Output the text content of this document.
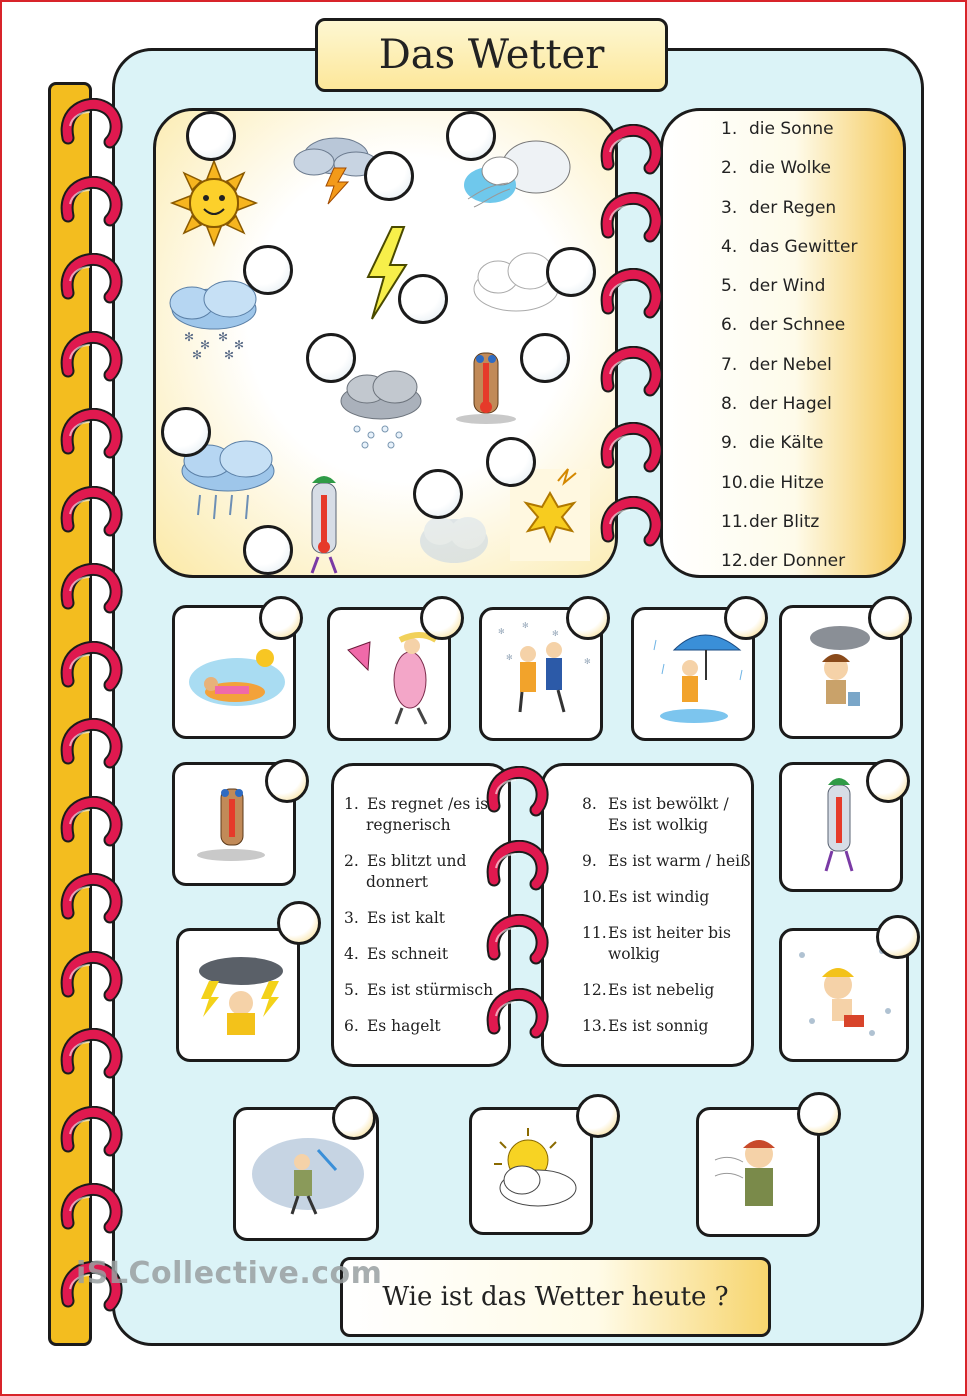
Das Wetter
✻
✻
✻
✻
✻ ✻
1. die Sonne
2. die Wolke
3. der Regen
4. das Gewitter
5. der Wind
6. der Schnee
7. der Nebel
8. der Hagel
9. die Kälte
10.die Hitze
11.der Blitz
12.der Donner
✻
✻
✻
✻	✻
1. Es regnet /es ist
regnerisch
2. Es blitzt und
donnert
3. Es ist kalt
4. Es schneit
5. Es ist stürmisch
6. Es hagelt
8. Es ist bewölkt /
Es ist wolkig
9. Es ist warm / heiß
10.Es ist windig
11.Es ist heiter bis
wolkig
12.Es ist nebelig
13.Es ist sonnig
Wie ist das Wetter heute ?
iSLCollective.com
